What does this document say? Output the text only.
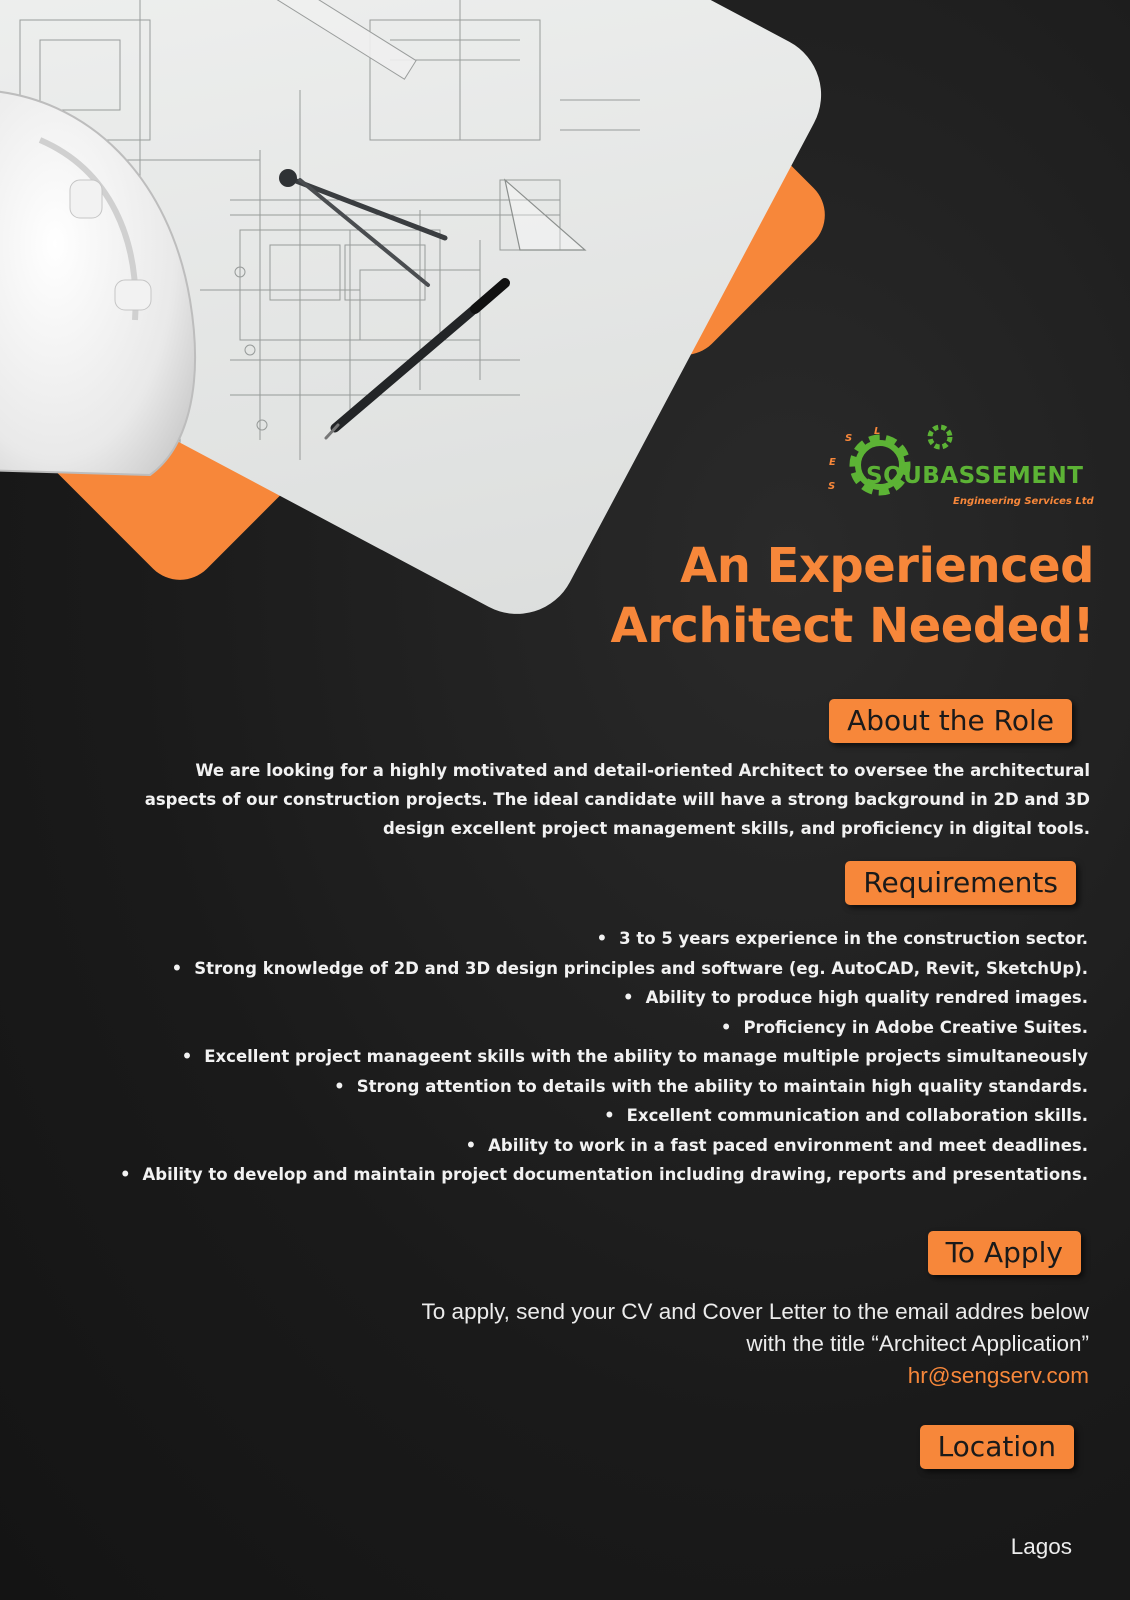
S
L
E
S SOUBASSEMENT
Engineering Services Ltd
An Experienced
Architect Needed!
About the Role
We are looking for a highly motivated and detail-oriented Architect to oversee the architectural
aspects of our construction projects. The ideal candidate will have a strong background in 2D and 3D
design excellent project management skills, and proficiency in digital tools.
Requirements
• 3 to 5 years experience in the construction sector.
• Strong knowledge of 2D and 3D design principles and software (eg. AutoCAD, Revit, SketchUp).
• Ability to produce high quality rendred images.
• Proficiency in Adobe Creative Suites.
• Excellent project manageent skills with the ability to manage multiple projects simultaneously
• Strong attention to details with the ability to maintain high quality standards.
• Excellent communication and collaboration skills.
• Ability to work in a fast paced environment and meet deadlines.
• Ability to develop and maintain project documentation including drawing, reports and presentations.
To Apply
To apply, send your CV and Cover Letter to the email addres below
with the title “Architect Application”
hr@sengserv.com
Location
Lagos
